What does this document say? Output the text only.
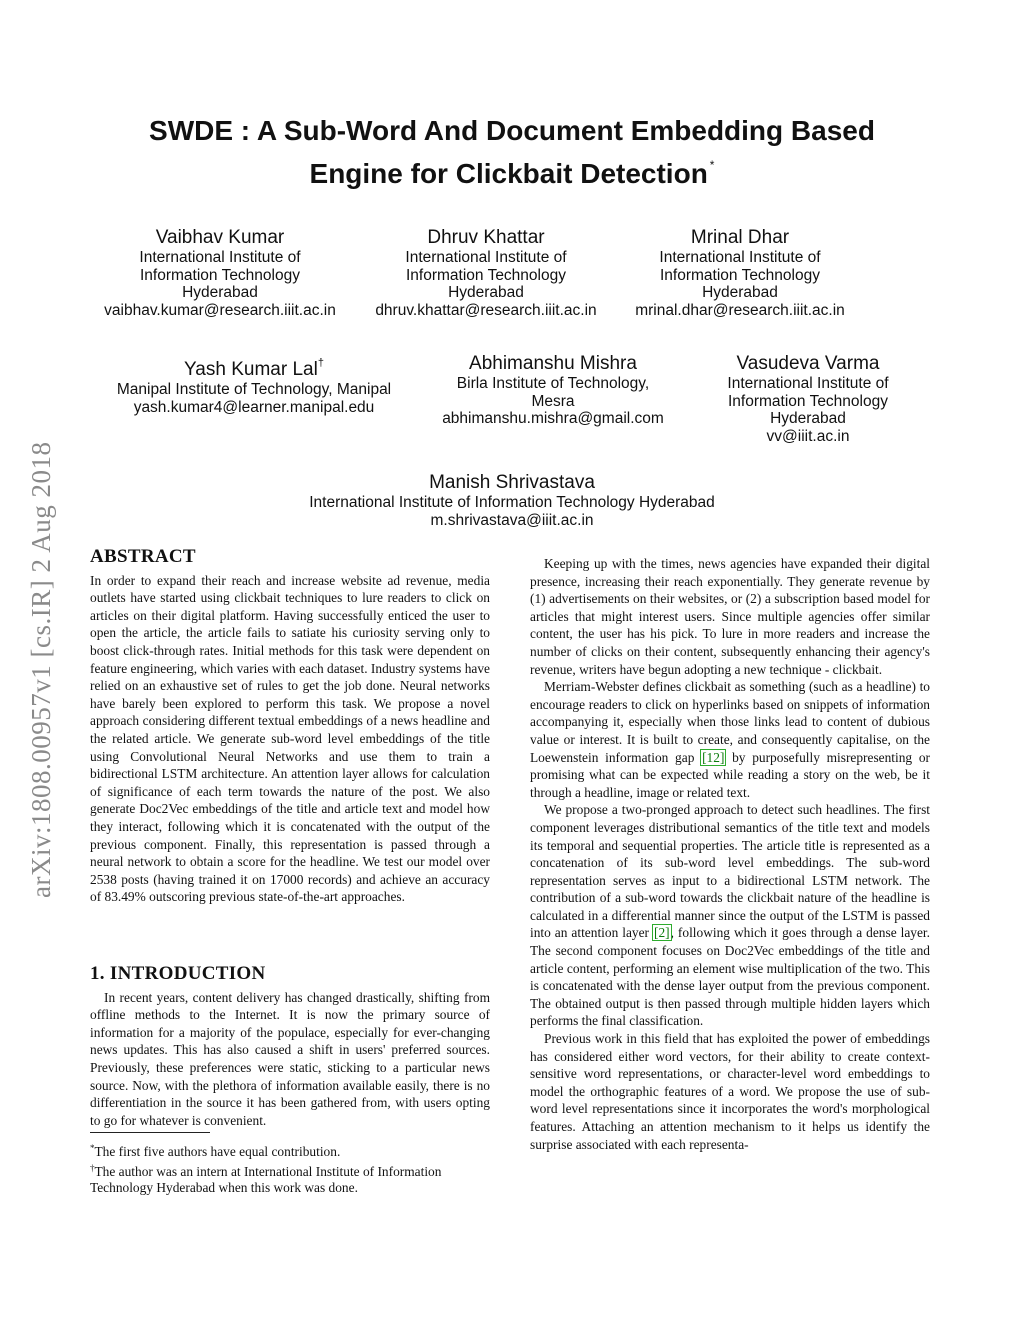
arXiv:1808.00957v1 [cs.IR] 2 Aug 2018

SWDE : A Sub-Word And Document Embedding Based
Engine for Clickbait Detection *
Vaibhav Kumar
International Institute of
Information Technology
Hyderabad
vaibhav.kumar@research.iiit.ac.in
Dhruv Khattar
International Institute of
Information Technology
Hyderabad
dhruv.khattar@research.iiit.ac.in
Mrinal Dhar
International Institute of
Information Technology
Hyderabad
mrinal.dhar@research.iiit.ac.in
Yash Kumar Lal†
Manipal Institute of Technology, Manipal
yash.kumar4@learner.manipal.edu
Abhimanshu Mishra
Birla Institute of Technology,
Mesra
abhimanshu.mishra@gmail.com
Vasudeva Varma
International Institute of
Information Technology
Hyderabad
vv@iiit.ac.in
Manish Shrivastava
International Institute of Information Technology Hyderabad
m.shrivastava@iiit.ac.in
ABSTRACT

In order to expand their reach and increase website ad revenue, media outlets have started using clickbait techniques to lure readers to click on articles on their digital platform. Having successfully enticed the user to open the article, the article fails to satiate his curiosity serving only to boost click-through rates. Initial methods for this task were dependent on feature engineering, which varies with each dataset. Industry systems have relied on an exhaustive set of rules to get the job done. Neural networks have barely been explored to perform this task. We propose a novel approach considering different textual embeddings of a news headline and the related article. We generate sub-word level embeddings of the title using Convolutional Neural Networks and use them to train a bidirectional LSTM architecture. An attention layer allows for calculation of significance of each term towards the nature of the post. We also generate Doc2Vec embeddings of the title and article text and model how they interact, following which it is concatenated with the output of the previous component. Finally, this representation is passed through a neural network to obtain a score for the headline. We test our model over 2538 posts (having trained it on 17000 records) and achieve an accuracy of 83.49% outscoring previous state-of-the-art approaches.

1. INTRODUCTION

In recent years, content delivery has changed drastically, shifting from offline methods to the Internet. It is now the primary source of information for a majority of the populace, especially for ever-changing news updates. This has also caused a shift in users' preferred sources. Previously, these preferences were static, sticking to a particular news source. Now, with the plethora of information available easily, there is no differentiation in the source it has been gathered from, with users opting to go for whatever is convenient.

*The first five authors have equal contribution.
†The author was an intern at International Institute of Information Technology Hyderabad when this work was done.

Keeping up with the times, news agencies have expanded their digital presence, increasing their reach exponentially. They generate revenue by (1) advertisements on their websites, or (2) a subscription based model for articles that might interest users. Since multiple agencies offer similar content, the user has his pick. To lure in more readers and increase the number of clicks on their content, subsequently enhancing their agency's revenue, writers have begun adopting a new technique - clickbait.

Merriam-Webster defines clickbait as something (such as a headline) to encourage readers to click on hyperlinks based on snippets of information accompanying it, especially when those links lead to content of dubious value or interest. It is built to create, and consequently capitalise, on the Loewenstein information gap [12] by purposefully misrepresenting or promising what can be expected while reading a story on the web, be it through a headline, image or related text.

We propose a two-pronged approach to detect such headlines. The first component leverages distributional semantics of the title text and models its temporal and sequential properties. The article title is represented as a concatenation of its sub-word level embeddings. The sub-word representation serves as input to a bidirectional LSTM network. The contribution of a sub-word towards the clickbait nature of the headline is calculated in a differential manner since the output of the LSTM is passed into an attention layer [2], following which it goes through a dense layer. The second component focuses on Doc2Vec embeddings of the title and article content, performing an element wise multiplication of the two. This is concatenated with the dense layer output from the previous component. The obtained output is then passed through multiple hidden layers which performs the final classification.

Previous work in this field that has exploited the power of embeddings has considered either word vectors, for their ability to create context-sensitive word representations, or character-level word embeddings to model the orthographic features of a word. We propose the use of sub-word level representations since it incorporates the word's morphological features. Attaching an attention mechanism to it helps us identify the surprise associated with each representa-
